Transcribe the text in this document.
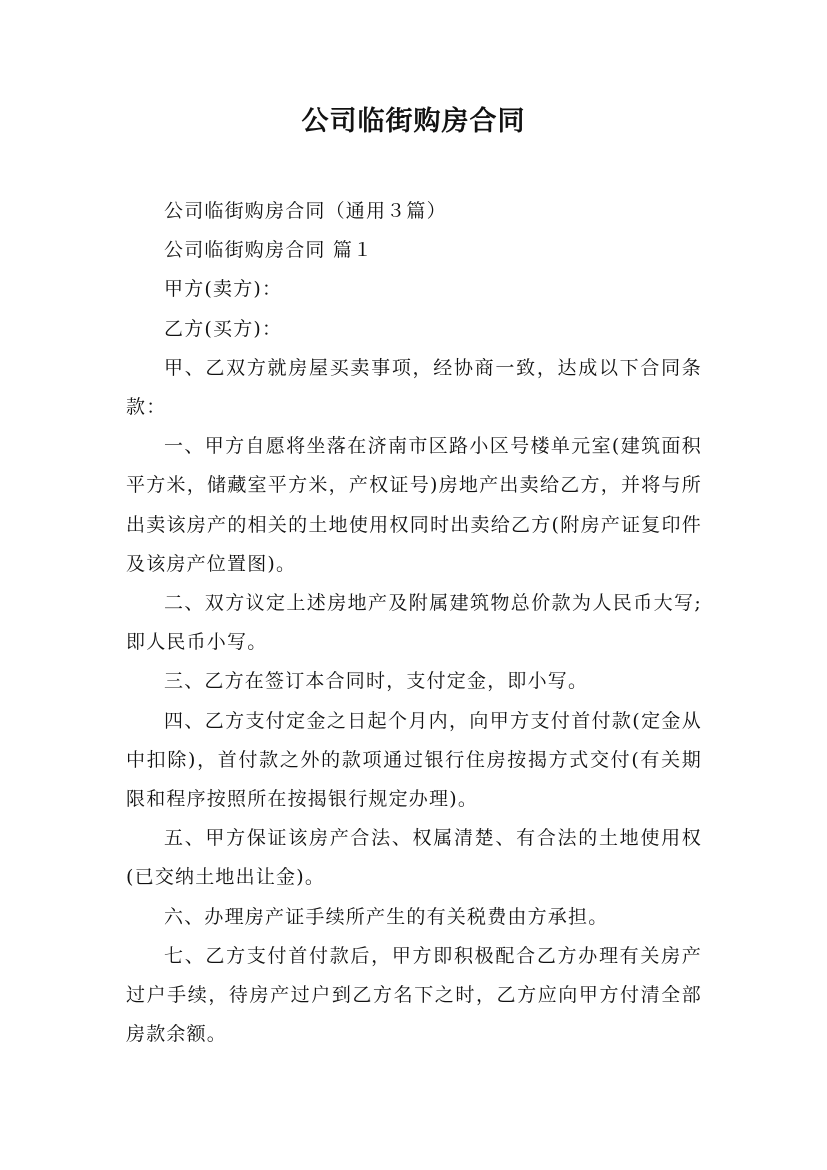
公司临街购房合同

公司临街购房合同（通用３篇）

公司临街购房合同 篇１

甲方(卖方)：

乙方(买方)：

甲、乙双方就房屋买卖事项，经协商一致，达成以下合同条款：

一、甲方自愿将坐落在济南市区路小区号楼单元室(建筑面积平方米，储藏室平方米，产权证号)房地产出卖给乙方，并将与所出卖该房产的相关的土地使用权同时出卖给乙方(附房产证复印件及该房产位置图)。

二、双方议定上述房地产及附属建筑物总价款为人民币大写;即人民币小写。

三、乙方在签订本合同时，支付定金，即小写。

四、乙方支付定金之日起个月内，向甲方支付首付款(定金从中扣除)，首付款之外的款项通过银行住房按揭方式交付(有关期限和程序按照所在按揭银行规定办理)。

五、甲方保证该房产合法、权属清楚、有合法的土地使用权(已交纳土地出让金)。

六、办理房产证手续所产生的有关税费由方承担。

七、乙方支付首付款后，甲方即积极配合乙方办理有关房产过户手续，待房产过户到乙方名下之时，乙方应向甲方付清全部房款余额。
